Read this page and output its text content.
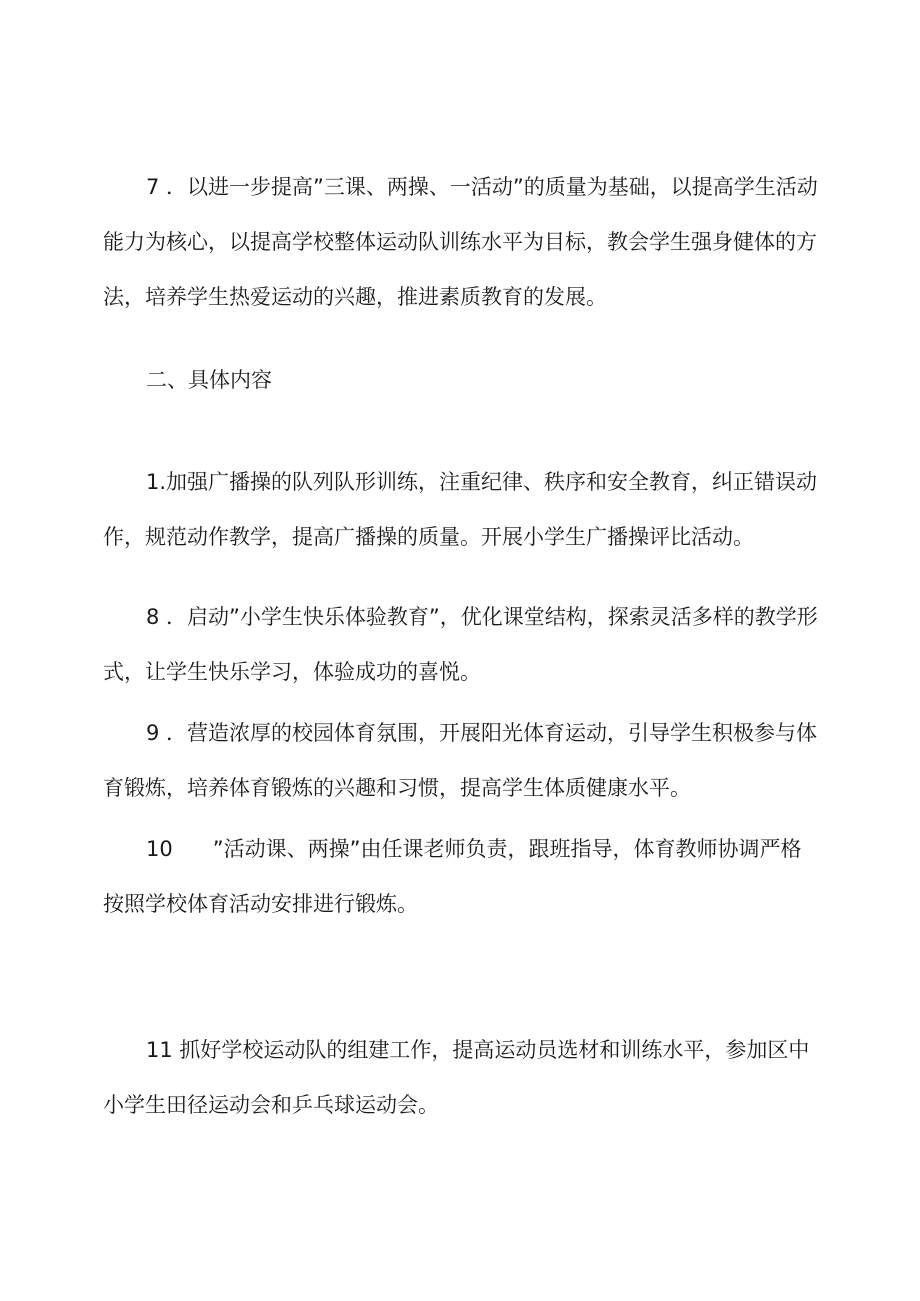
7 ．以进一步提高”三课、两操、一活动”的质量为基础，以提高学生活动能力为核心，以提高学校整体运动队训练水平为目标，教会学生强身健体的方法，培养学生热爱运动的兴趣，推进素质教育的发展。

二、具体内容

1.加强广播操的队列队形训练，注重纪律、秩序和安全教育，纠正错误动作，规范动作教学，提高广播操的质量。开展小学生广播操评比活动。

8 ．启动”小学生快乐体验教育”，优化课堂结构，探索灵活多样的教学形式，让学生快乐学习，体验成功的喜悦。

9 ．营造浓厚的校园体育氛围，开展阳光体育运动，引导学生积极参与体育锻炼，培养体育锻炼的兴趣和习惯，提高学生体质健康水平。

10 ”活动课、两操”由任课老师负责，跟班指导，体育教师协调严格按照学校体育活动安排进行锻炼。

11 抓好学校运动队的组建工作，提高运动员选材和训练水平，参加区中小学生田径运动会和乒乓球运动会。
